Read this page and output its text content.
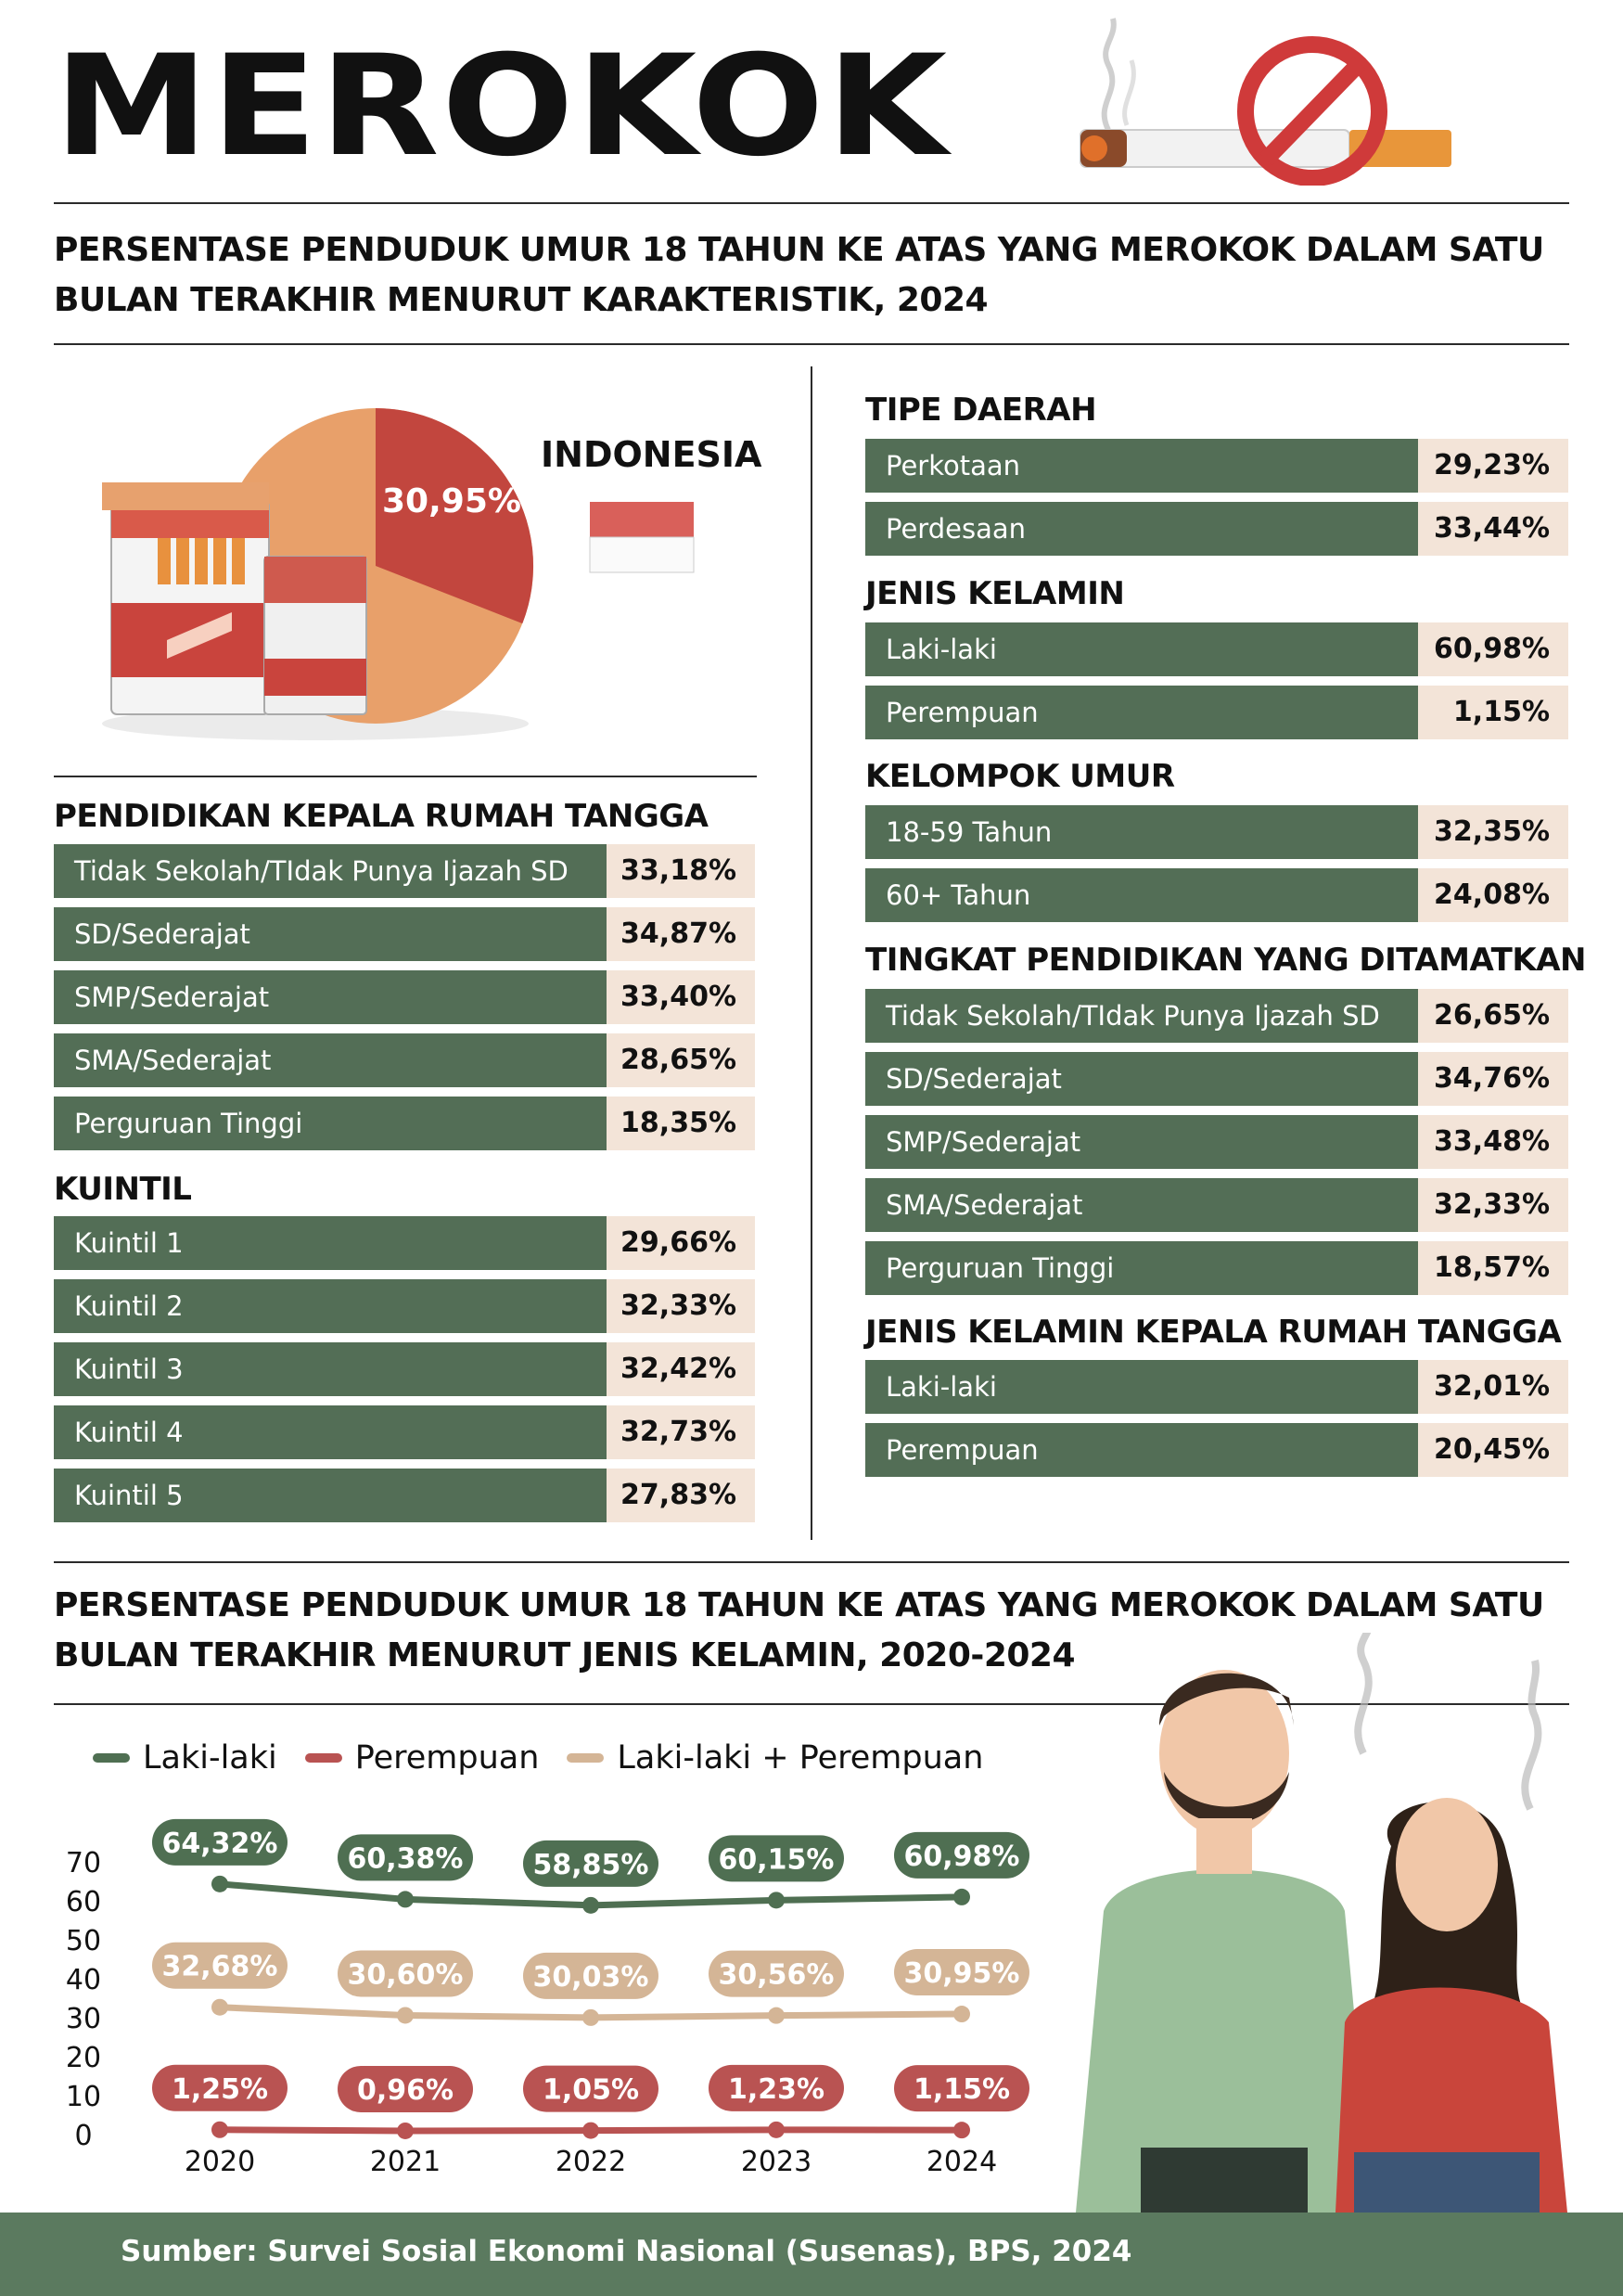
MEROKOK
PERSENTASE PENDUDUK UMUR 18 TAHUN KE ATAS YANG MEROKOK DALAM SATU BULAN TERAKHIR MENURUT KARAKTERISTIK, 2024
30,95%
INDONESIA
PENDIDIKAN KEPALA RUMAH TANGGA
Tidak Sekolah/TIdak Punya Ijazah SD	33,18%
SD/Sederajat	34,87%
SMP/Sederajat	33,40%
SMA/Sederajat	28,65%
Perguruan Tinggi	18,35%
KUINTIL
Kuintil 1	29,66%
Kuintil 2	32,33%
Kuintil 3	32,42%
Kuintil 4	32,73%
Kuintil 5	27,83%
TIPE DAERAH
Perkotaan	29,23%
Perdesaan	33,44%
JENIS KELAMIN
Laki-laki	60,98%
Perempuan	1,15%
KELOMPOK UMUR
18-59 Tahun	32,35%
60+ Tahun	24,08%
TINGKAT PENDIDIKAN YANG DITAMATKAN
Tidak Sekolah/TIdak Punya Ijazah SD	26,65%
SD/Sederajat	34,76%
SMP/Sederajat	33,48%
SMA/Sederajat	32,33%
Perguruan Tinggi	18,57%
JENIS KELAMIN KEPALA RUMAH TANGGA
Laki-laki	32,01%
Perempuan	20,45%
PERSENTASE PENDUDUK UMUR 18 TAHUN KE ATAS YANG MEROKOK DALAM SATU BULAN TERAKHIR MENURUT JENIS KELAMIN, 2020-2024
Laki-laki Perempuan Laki-laki + Perempuan
0
10
20
30
40
50
60
70
2020	2021	2022	2023	2024
64,32%	60,38%	58,85%	60,15%	60,98%
1,25%	0,96%	1,05%	1,23%	1,15%
32,68%	30,60%	30,03%	30,56%	30,95%
Sumber: Survei Sosial Ekonomi Nasional (Susenas), BPS, 2024
